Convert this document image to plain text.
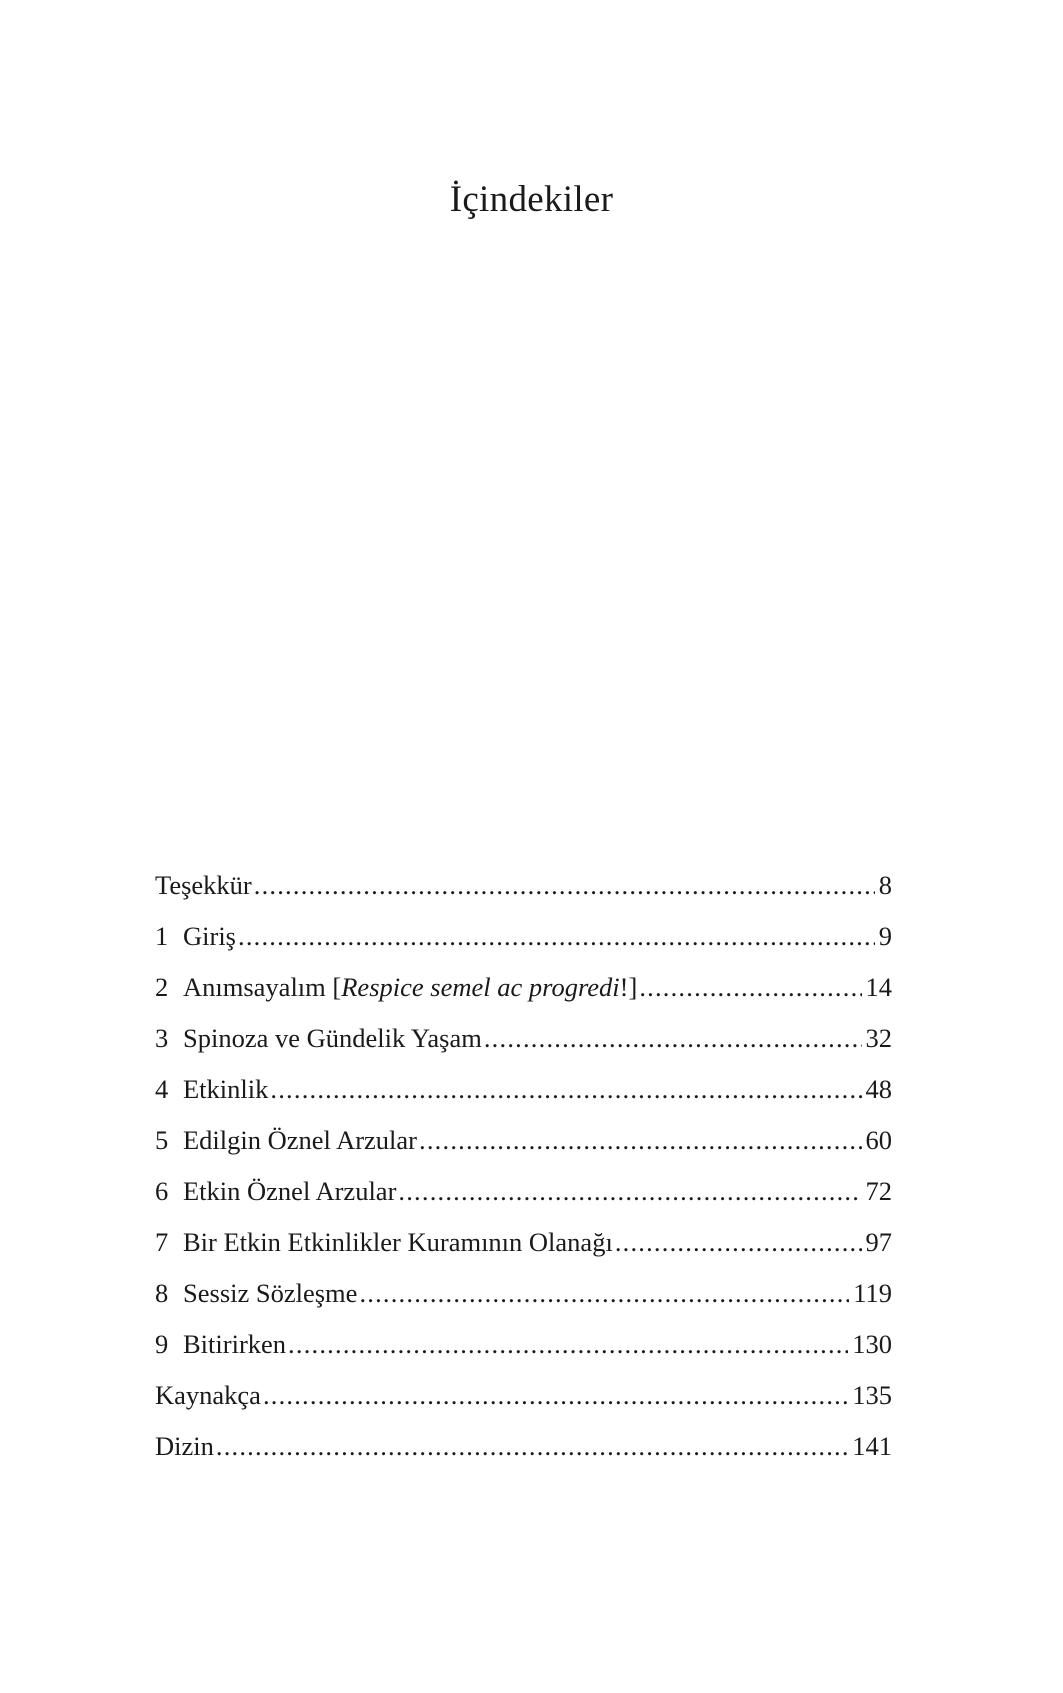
İçindekiler
Teşekkür .....	8
1 Giriş .....	9
2 Anımsayalım [Respice semel ac progredi!] .....	14
3 Spinoza ve Gündelik Yaşam .....	32
4 Etkinlik .....	48
5 Edilgin Öznel Arzular .....	60
6 Etkin Öznel Arzular .....	72
7 Bir Etkin Etkinlikler Kuramının Olanağı .....	97
8 Sessiz Sözleşme .....	119
9 Bitirirken .....	130
Kaynakça .....	135
Dizin .....	141
